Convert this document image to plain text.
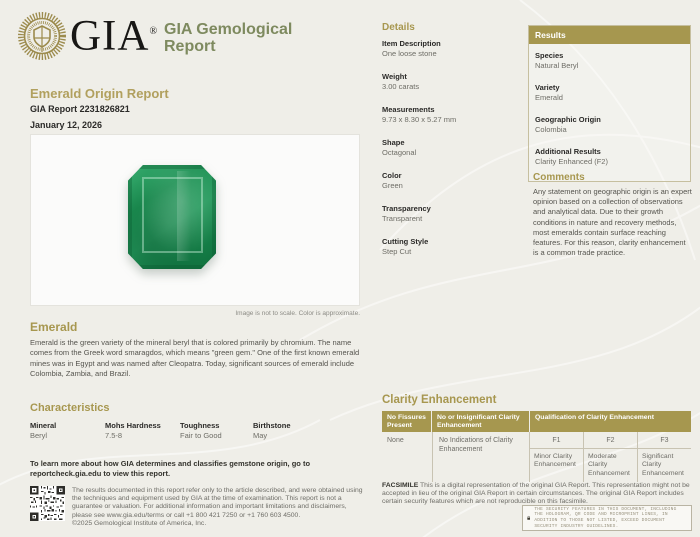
GIA® GIA Gemological
Report
Emerald Origin Report
GIA Report 2231826821
January 12, 2026
Image is not to scale. Color is approximate.
Emerald

Emerald is the green variety of the mineral beryl that is colored primarily by chromium. The name comes from the Greek word smaragdos, which means "green gem." One of the first known emerald mines was in Egypt and was named after Cleopatra. Today, significant sources of emerald include Colombia, Zambia, and Brazil.

Characteristics
Mineral
Beryl
Mohs Hardness
7.5-8
Toughness
Fair to Good
Birthstone
May
To learn more about how GIA determines and classifies gemstone origin, go to reportcheck.gia.edu to view this report.
The results documented in this report refer only to the article described, and were obtained using the techniques and equipment used by GIA at the time of examination. This report is not a guarantee or valuation. For additional information and important limitations and disclaimers, please see www.gia.edu/terms or call +1 800 421 7250 or +1 760 603 4500.
©2025 Gemological Institute of America, Inc.
Details
Item Description
One loose stone
Weight
3.00 carats
Measurements
9.73 x 8.30 x 5.27 mm
Shape
Octagonal
Color
Green
Transparency
Transparent
Cutting Style
Step Cut
Results
Species
Natural Beryl
Variety
Emerald
Geographic Origin
Colombia
Additional Results
Clarity Enhanced (F2)
Comments

Any statement on geographic origin is an expert opinion based on a collection of observations and analytical data. Due to their growth conditions in nature and recovery methods, most emeralds contain surface reaching features. For this reason, clarity enhancement is a common trade practice.

Clarity Enhancement
No Fissures Present
No or Insignificant Clarity Enhancement
Qualification of Clarity Enhancement
None	No Indications of Clarity Enhancement
F1
Minor Clarity Enhancement
F2
Moderate Clarity Enhancement
F3
Significant Clarity Enhancement
FACSIMILE This is a digital representation of the original GIA Report. This representation might not be accepted in lieu of the original GIA Report in certain circumstances. The original GIA Report includes certain security features which are not reproducible on this facsimile.
THE SECURITY FEATURES IN THIS DOCUMENT, INCLUDING THE HOLOGRAM, QR CODE AND MICROPRINT LINES, IN ADDITION TO THOSE NOT LISTED, EXCEED DOCUMENT SECURITY INDUSTRY GUIDELINES.
